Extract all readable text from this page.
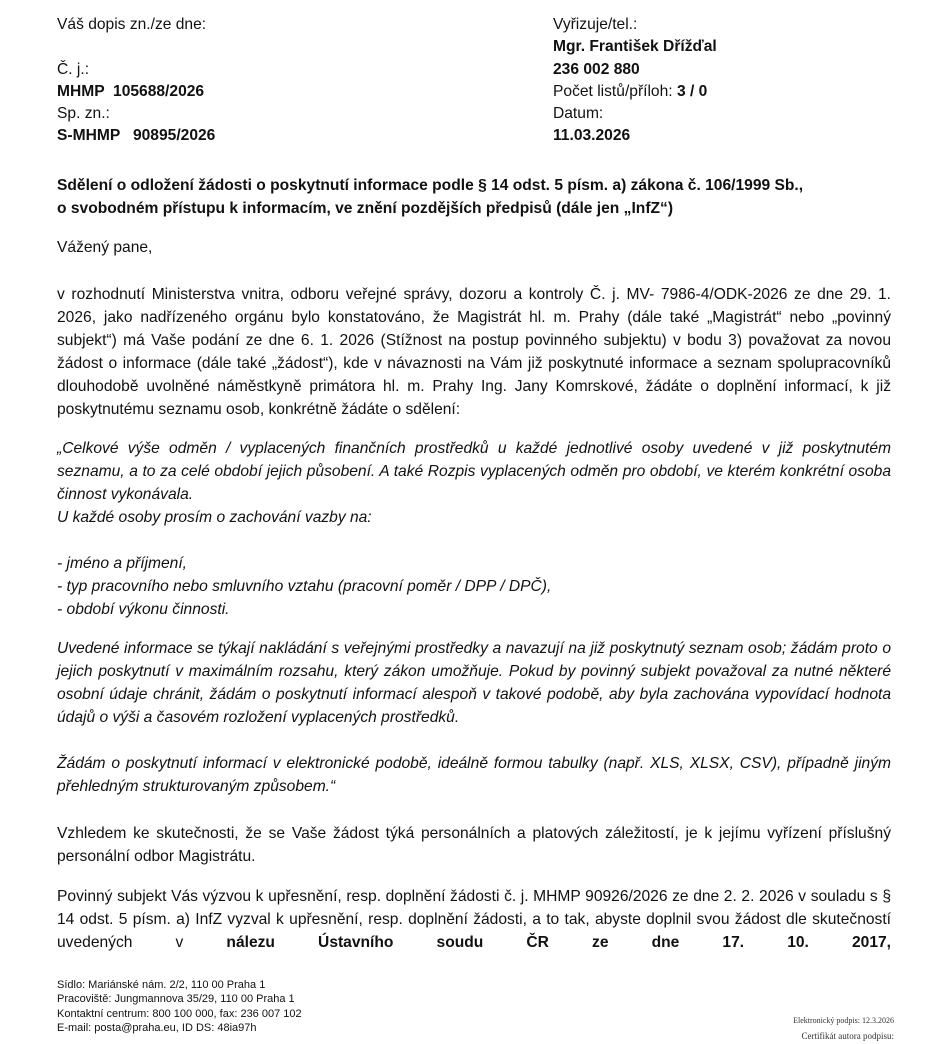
Váš dopis zn./ze dne:
Č. j.:
MHMP  105688/2026
Sp. zn.:
S-MHMP   90895/2026
Vyřizuje/tel.:
Mgr. František Dřížďal
236 002 880
Počet listů/příloh: 3 / 0
Datum:
11.03.2026
Sdělení o odložení žádosti o poskytnutí informace podle § 14 odst. 5 písm. a) zákona č. 106/1999 Sb.,
o svobodném přístupu k informacím, ve znění pozdějších předpisů (dále jen „InfZ“)
Vážený pane,
v rozhodnutí Ministerstva vnitra, odboru veřejné správy, dozoru a kontroly Č. j. MV- 7986-4/ODK-2026 ze dne 29. 1. 2026, jako nadřízeného orgánu bylo konstatováno, že Magistrát hl. m. Prahy (dále také „Magistrát“ nebo „povinný subjekt“) má Vaše podání ze dne 6. 1. 2026 (Stížnost na postup povinného subjektu) v bodu 3) považovat za novou žádost o informace (dále také „žádost“), kde v návaznosti na Vám již poskytnuté informace a seznam spolupracovníků dlouhodobě uvolněné náměstkyně primátora hl. m. Prahy Ing. Jany Komrskové, žádáte o doplnění informací, k již poskytnutému seznamu osob, konkrétně žádáte o sdělení:
„Celkové výše odměn / vyplacených finančních prostředků u každé jednotlivé osoby uvedené v již poskytnutém seznamu, a to za celé období jejich působení. A také Rozpis vyplacených odměn pro období, ve kterém konkrétní osoba činnost vykonávala.
U každé osoby prosím o zachování vazby na:
- jméno a příjmení,
- typ pracovního nebo smluvního vztahu (pracovní poměr / DPP / DPČ),
- období výkonu činnosti.
Uvedené informace se týkají nakládání s veřejnými prostředky a navazují na již poskytnutý seznam osob; žádám proto o jejich poskytnutí v maximálním rozsahu, který zákon umožňuje. Pokud by povinný subjekt považoval za nutné některé osobní údaje chránit, žádám o poskytnutí informací alespoň v takové podobě, aby byla zachována vypovídací hodnota údajů o výši a časovém rozložení vyplacených prostředků.
Žádám o poskytnutí informací v elektronické podobě, ideálně formou tabulky (např. XLS, XLSX, CSV), případně jiným přehledným strukturovaným způsobem.“
Vzhledem ke skutečnosti, že se Vaše žádost týká personálních a platových záležitostí, je k jejímu vyřízení příslušný personální odbor Magistrátu.
Povinný subjekt Vás výzvou k upřesnění, resp. doplnění žádosti č. j. MHMP 90926/2026 ze dne 2. 2. 2026 v souladu s § 14 odst. 5 písm. a) InfZ vyzval k upřesnění, resp. doplnění žádosti, a to tak, abyste doplnil svou žádost dle skutečností uvedených v nálezu Ústavního soudu ČR ze dne 17. 10. 2017,
Sídlo: Mariánské nám. 2/2, 110 00 Praha 1
Pracoviště: Jungmannova 35/29, 110 00 Praha 1
Kontaktní centrum: 800 100 000, fax: 236 007 102
E-mail: posta@praha.eu, ID DS: 48ia97h
Elektronický podpis: 12.3.2026
Certifikát autora podpisu:
